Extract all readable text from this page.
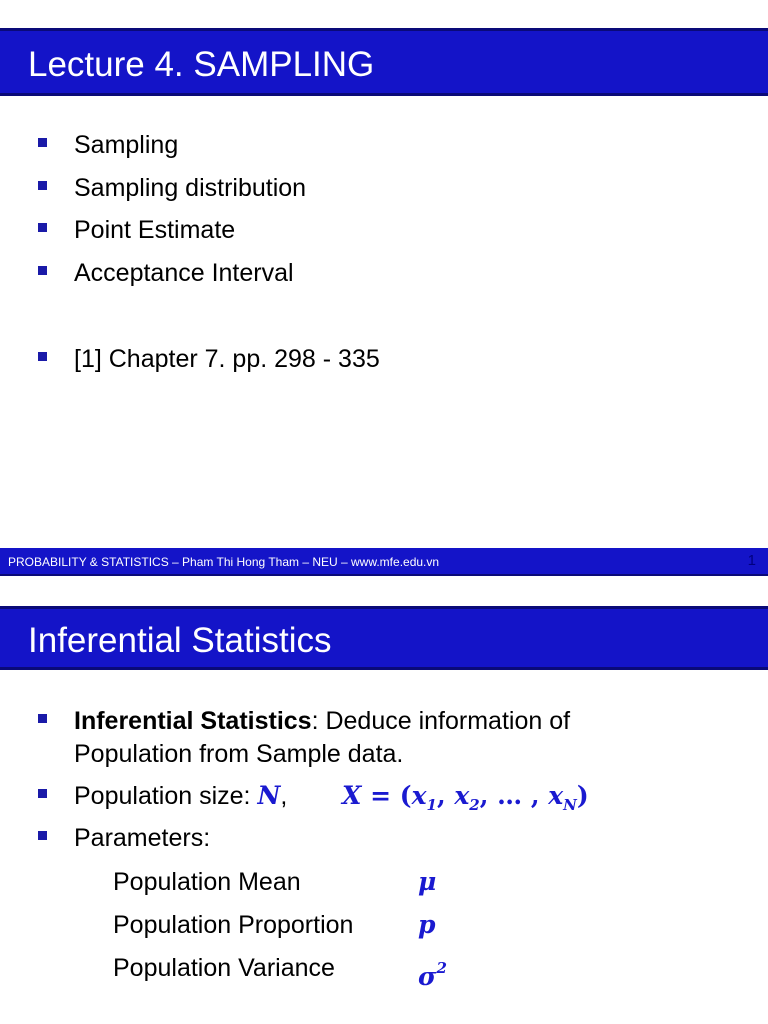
Lecture 4. SAMPLING
Sampling
Sampling distribution
Point Estimate
Acceptance Interval
[1] Chapter 7. pp. 298 - 335
PROBABILITY & STATISTICS – Pham Thi Hong Tham – NEU – www.mfe.edu.vn	1
Inferential Statistics
Inferential Statistics: Deduce information of
Population from Sample data.
Population size: N, $X = (x_1$, $x_2$, … , $x_N$)
Parameters:
Population Mean	μ
Population Proportion	p
Population Variance	$\sigma^2$
